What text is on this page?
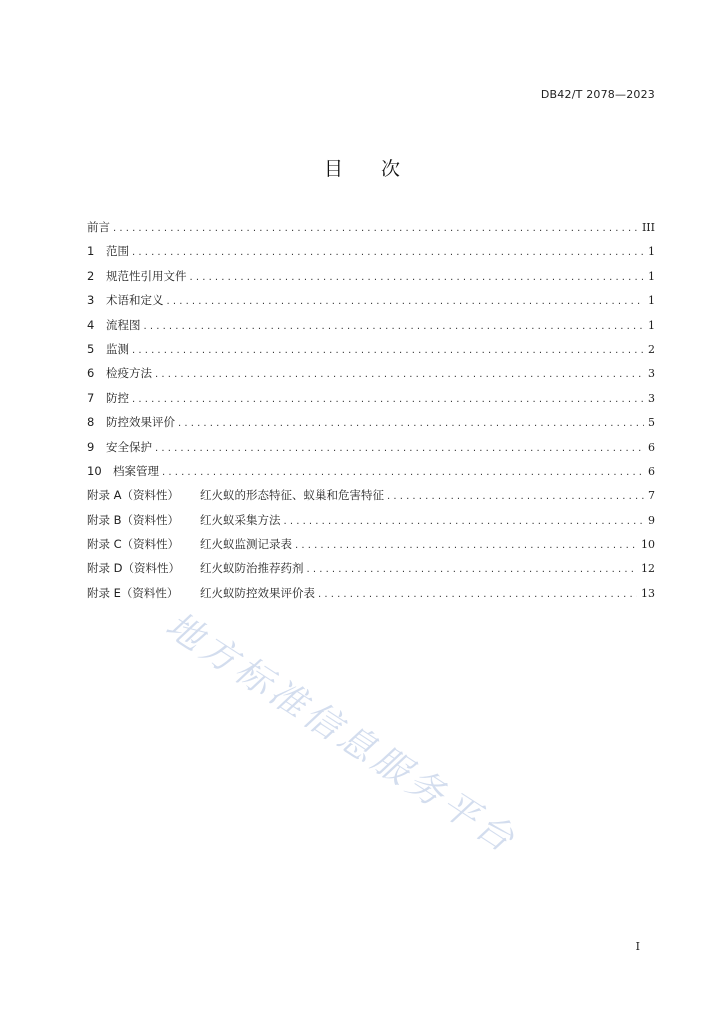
DB42/T 2078—2023
目 次
前言 . . .	III
1	范围 . . .	1
2	规范性引用文件 . . .	1
3	术语和定义 . . .	1
4	流程图 . . .	1
5	监测 . . .	2
6	检疫方法 . . .	3
7	防控 . . .	3
8	防控效果评价 . . .	5
9	安全保护 . . .	6
10 档案管理 . . .	6
附录 A（资料性）	红火蚁的形态特征、蚁巢和危害特征 . . .	7
附录 B（资料性）	红火蚁采集方法 . . .	9
附录 C（资料性）	红火蚁监测记录表 . . .	10
附录 D（资料性）	红火蚁防治推荐药剂 . . .	12
附录 E（资料性）	红火蚁防控效果评价表 . . .	13
地方标准信息服务平台
I
